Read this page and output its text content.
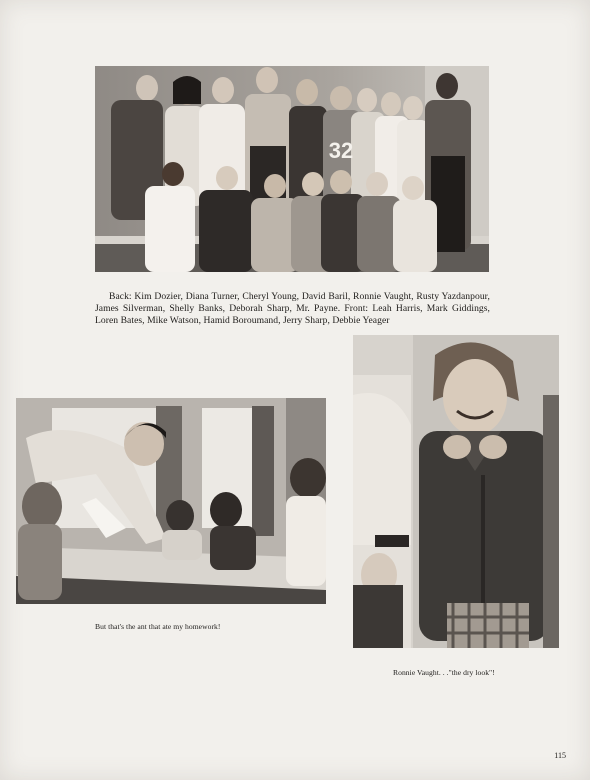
32

Back: Kim Dozier, Diana Turner, Cheryl Young, David Baril, Ronnie Vaught, Rusty Yazdanpour, James Silverman, Shelly Banks, Deborah Sharp, Mr. Payne. Front: Leah Harris, Mark Giddings, Loren Bates, Mike Watson, Hamid Boroumand, Jerry Sharp, Debbie Yeager

But that's the ant that ate my homework!

Ronnie Vaught. . ."the dry look"!

115
